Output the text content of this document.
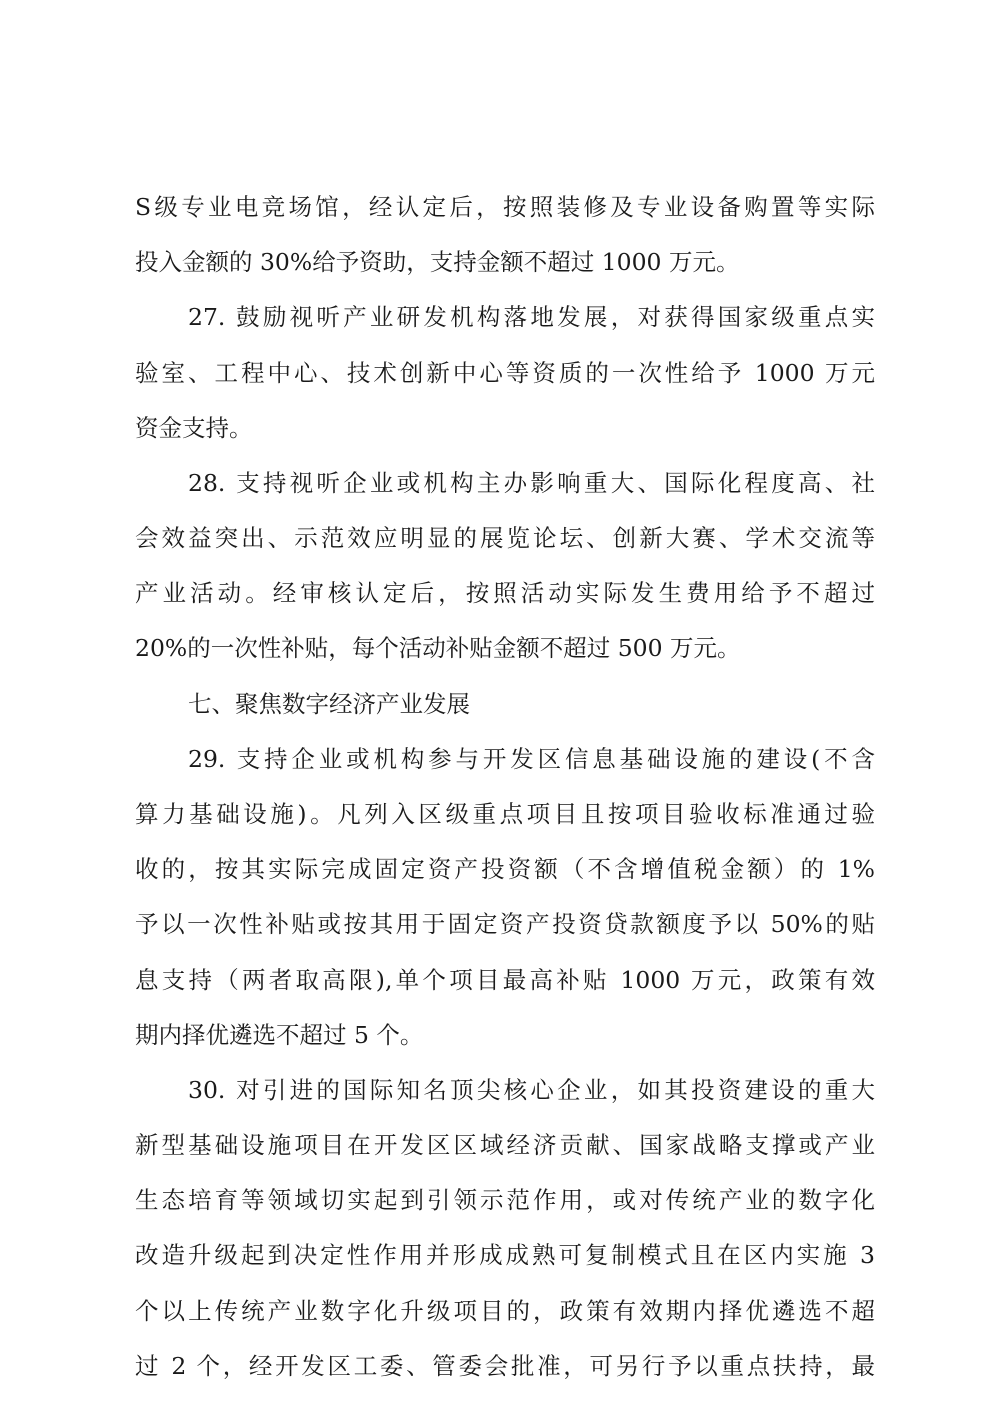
S级专业电竞场馆，经认定后，按照装修及专业设备购置等实际
投入金额的 30%给予资助，支持金额不超过 1000 万元。
27. 鼓励视听产业研发机构落地发展，对获得国家级重点实
验室、工程中心、技术创新中心等资质的一次性给予 1000 万元
资金支持。
28. 支持视听企业或机构主办影响重大、国际化程度高、社
会效益突出、示范效应明显的展览论坛、创新大赛、学术交流等
产业活动。经审核认定后，按照活动实际发生费用给予不超过
20%的一次性补贴，每个活动补贴金额不超过 500 万元。
七、聚焦数字经济产业发展
29. 支持企业或机构参与开发区信息基础设施的建设(不含
算力基础设施)。凡列入区级重点项目且按项目验收标准通过验
收的，按其实际完成固定资产投资额（不含增值税金额）的 1%
予以一次性补贴或按其用于固定资产投资贷款额度予以 50%的贴
息支持（两者取高限),单个项目最高补贴 1000 万元，政策有效
期内择优遴选不超过 5 个。
30. 对引进的国际知名顶尖核心企业，如其投资建设的重大
新型基础设施项目在开发区区域经济贡献、国家战略支撑或产业
生态培育等领域切实起到引领示范作用，或对传统产业的数字化
改造升级起到决定性作用并形成成熟可复制模式且在区内实施 3
个以上传统产业数字化升级项目的，政策有效期内择优遴选不超
过 2 个，经开发区工委、管委会批准，可另行予以重点扶持，最
